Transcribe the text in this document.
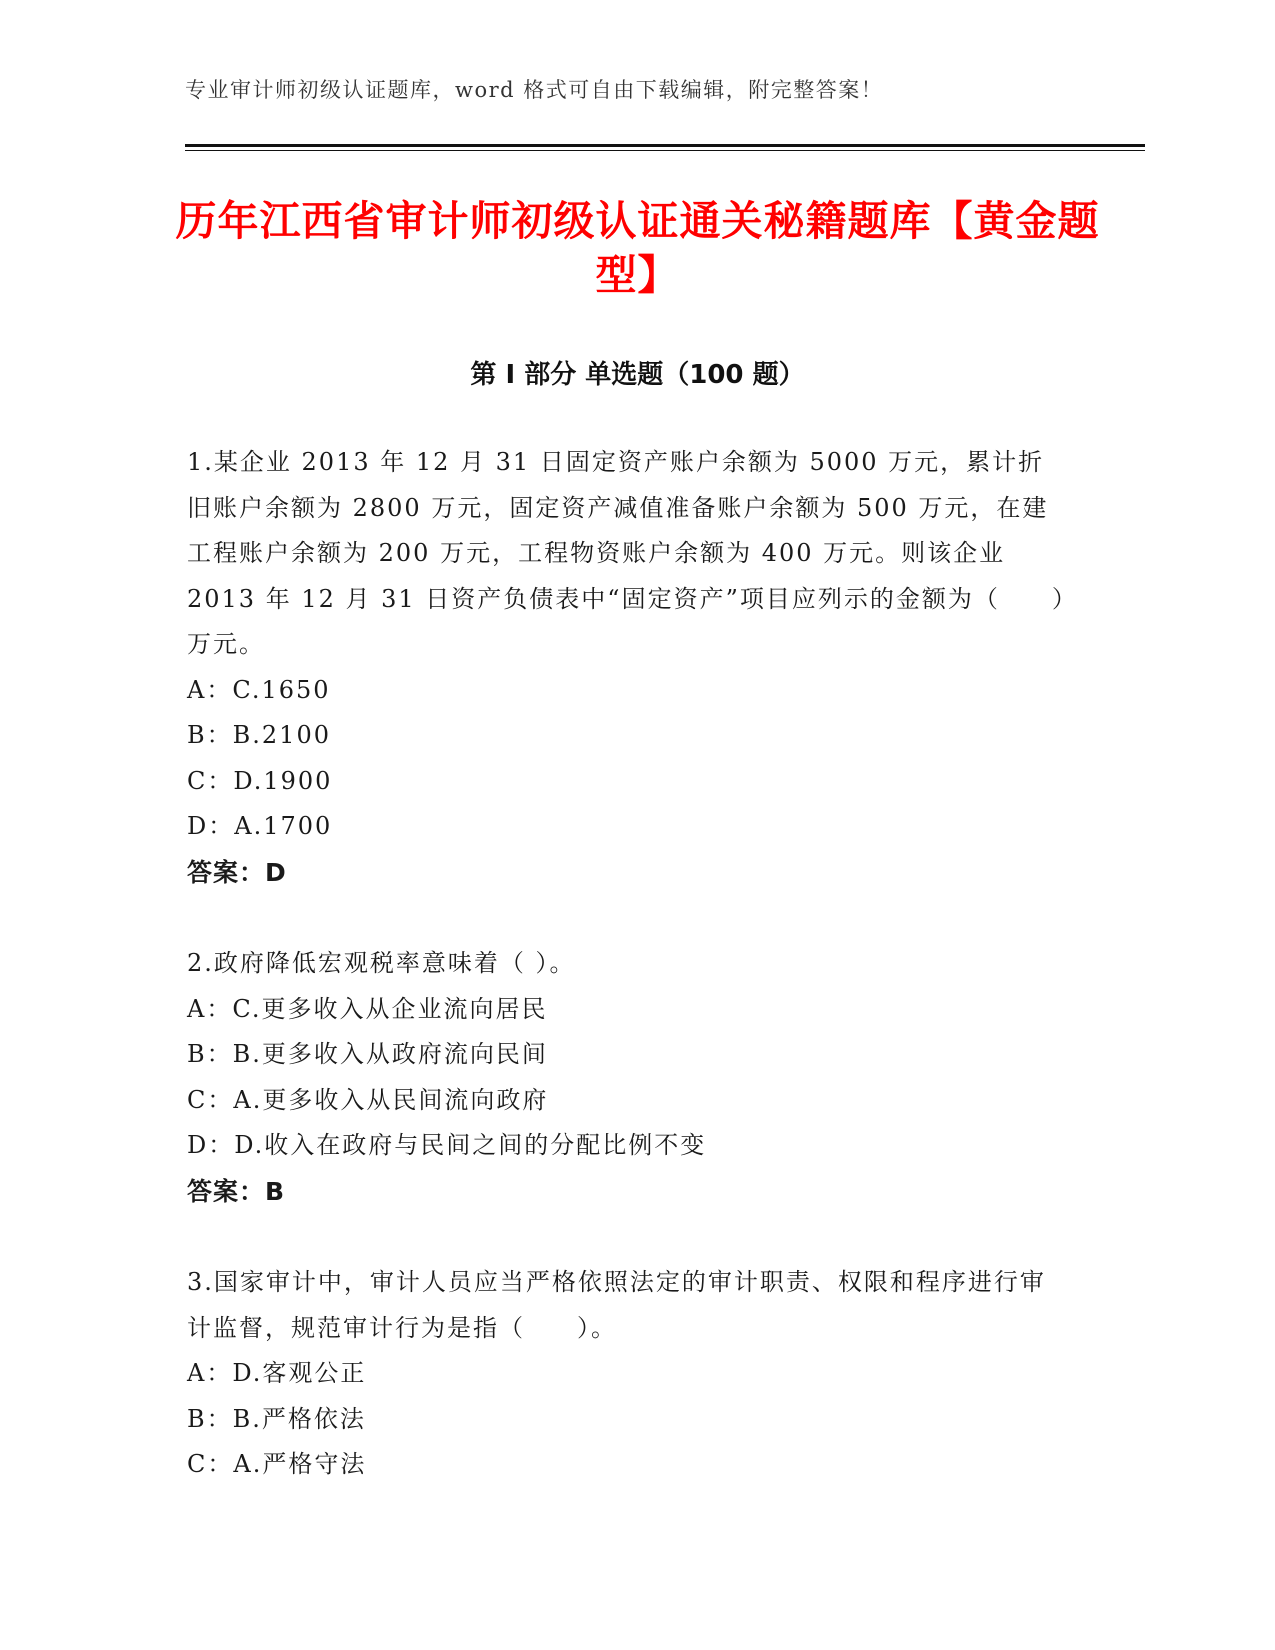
专业审计师初级认证题库，word 格式可自由下载编辑，附完整答案！
历年江西省审计师初级认证通关秘籍题库【黄金题型】
第 I 部分 单选题（100 题）

1.某企业 2013 年 12 月 31 日固定资产账户余额为 5000 万元，累计折旧账户余额为 2800 万元，固定资产减值准备账户余额为 500 万元，在建工程账户余额为 200 万元，工程物资账户余额为 400 万元。则该企业 2013 年 12 月 31 日资产负债表中“固定资产”项目应列示的金额为（　　）万元。

A：C.1650

B：B.2100

C：D.1900

D：A.1700

答案：D

2.政府降低宏观税率意味着（ ）。

A：C.更多收入从企业流向居民

B：B.更多收入从政府流向民间

C：A.更多收入从民间流向政府

D：D.收入在政府与民间之间的分配比例不变

答案：B

3.国家审计中，审计人员应当严格依照法定的审计职责、权限和程序进行审计监督，规范审计行为是指（　　）。

A：D.客观公正

B：B.严格依法

C：A.严格守法
